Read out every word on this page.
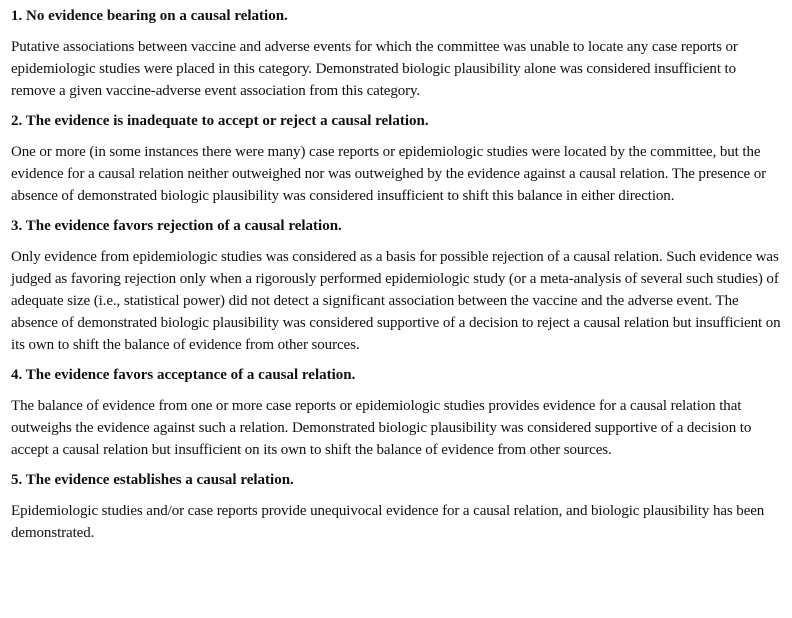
1. No evidence bearing on a causal relation.

Putative associations between vaccine and adverse events for which the committee was unable to locate any case reports or epidemiologic studies were placed in this category. Demonstrated biologic plausibility alone was considered insufficient to remove a given vaccine-adverse event association from this category.

2. The evidence is inadequate to accept or reject a causal relation.

One or more (in some instances there were many) case reports or epidemiologic studies were located by the committee, but the evidence for a causal relation neither outweighed nor was outweighed by the evidence against a causal relation. The presence or absence of demonstrated biologic plausibility was considered insufficient to shift this balance in either direction.

3. The evidence favors rejection of a causal relation.

Only evidence from epidemiologic studies was considered as a basis for possible rejection of a causal relation. Such evidence was judged as favoring rejection only when a rigorously performed epidemiologic study (or a meta-analysis of several such studies) of adequate size (i.e., statistical power) did not detect a significant association between the vaccine and the adverse event. The absence of demonstrated biologic plausibility was considered supportive of a decision to reject a causal relation but insufficient on its own to shift the balance of evidence from other sources.

4. The evidence favors acceptance of a causal relation.

The balance of evidence from one or more case reports or epidemiologic studies provides evidence for a causal relation that outweighs the evidence against such a relation. Demonstrated biologic plausibility was considered supportive of a decision to accept a causal relation but insufficient on its own to shift the balance of evidence from other sources.

5. The evidence establishes a causal relation.

Epidemiologic studies and/or case reports provide unequivocal evidence for a causal relation, and biologic plausibility has been demonstrated.
